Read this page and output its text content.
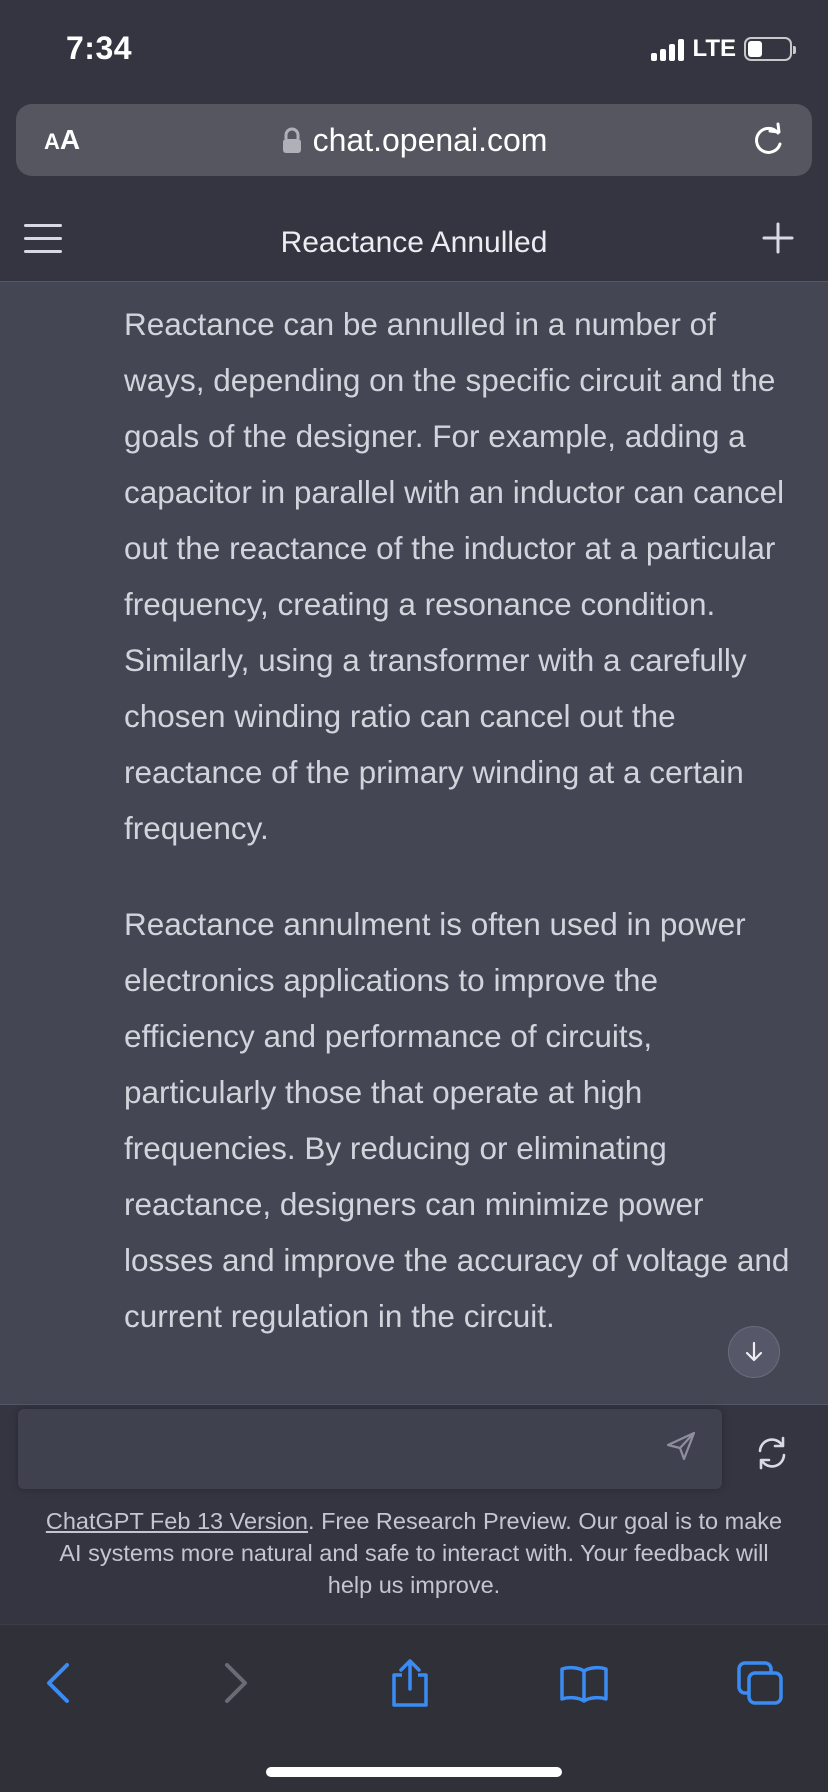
7:34	LTE
AA	chat.openai.com
Reactance Annulled

Reactance can be annulled in a number of ways, depending on the specific circuit and the goals of the designer. For example, adding a capacitor in parallel with an inductor can cancel out the reactance of the inductor at a particular frequency, creating a resonance condition. Similarly, using a transformer with a carefully chosen winding ratio can cancel out the reactance of the primary winding at a certain frequency.

Reactance annulment is often used in power electronics applications to improve the efficiency and performance of circuits, particularly those that operate at high frequencies. By reducing or eliminating reactance, designers can minimize power losses and improve the accuracy of voltage and current regulation in the circuit.

ChatGPT Feb 13 Version. Free Research Preview. Our goal is to make AI systems more natural and safe to interact with. Your feedback will help us improve.
